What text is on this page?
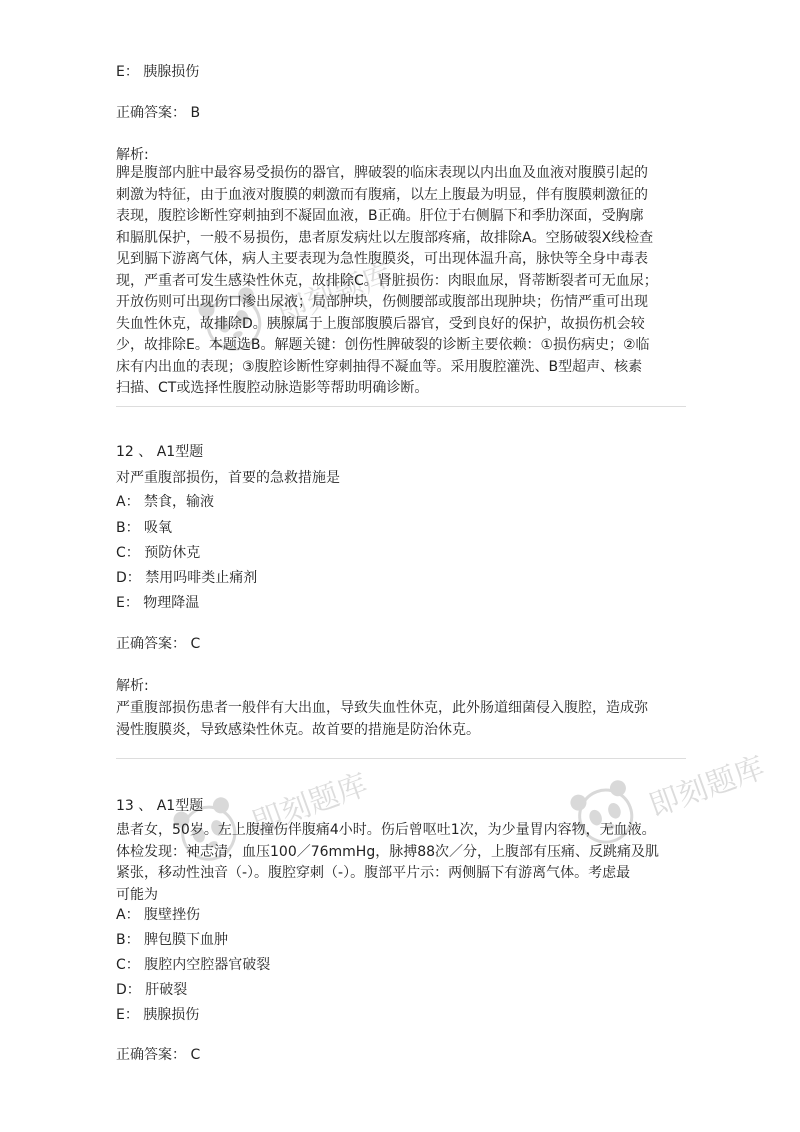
即刻题库
即刻题库	即刻题库
E： 胰腺损伤
正确答案： B
解析:
脾是腹部内脏中最容易受损伤的器官，脾破裂的临床表现以内出血及血液对腹膜引起的
刺激为特征，由于血液对腹膜的刺激而有腹痛，以左上腹最为明显，伴有腹膜刺激征的
表现，腹腔诊断性穿刺抽到不凝固血液，B正确。肝位于右侧膈下和季肋深面，受胸廓
和膈肌保护，一般不易损伤，患者原发病灶以左腹部疼痛，故排除A。空肠破裂X线检查
见到膈下游离气体，病人主要表现为急性腹膜炎，可出现体温升高，脉快等全身中毒表
现，严重者可发生感染性休克，故排除C。肾脏损伤：肉眼血尿，肾蒂断裂者可无血尿；
开放伤则可出现伤口渗出尿液；局部肿块，伤侧腰部或腹部出现肿块；伤情严重可出现
失血性休克，故排除D。胰腺属于上腹部腹膜后器官，受到良好的保护，故损伤机会较
少，故排除E。本题选B。解题关键：创伤性脾破裂的诊断主要依赖：①损伤病史；②临
床有内出血的表现；③腹腔诊断性穿刺抽得不凝血等。采用腹腔灌洗、B型超声、核素
扫描、CT或选择性腹腔动脉造影等帮助明确诊断。
12 、 A1型题
对严重腹部损伤，首要的急救措施是
A： 禁食，输液
B： 吸氧
C： 预防休克
D： 禁用吗啡类止痛剂
E： 物理降温
正确答案： C
解析:
严重腹部损伤患者一般伴有大出血，导致失血性休克，此外肠道细菌侵入腹腔，造成弥
漫性腹膜炎，导致感染性休克。故首要的措施是防治休克。
13 、 A1型题
患者女，50岁。左上腹撞伤伴腹痛4小时。伤后曾呕吐1次，为少量胃内容物，无血液。
体检发现：神志清，血压100／76mmHg，脉搏88次／分，上腹部有压痛、反跳痛及肌
紧张，移动性浊音（-）。腹腔穿刺（-）。腹部平片示：两侧膈下有游离气体。考虑最
可能为
A： 腹壁挫伤
B： 脾包膜下血肿
C： 腹腔内空腔器官破裂
D： 肝破裂
E： 胰腺损伤
正确答案： C
